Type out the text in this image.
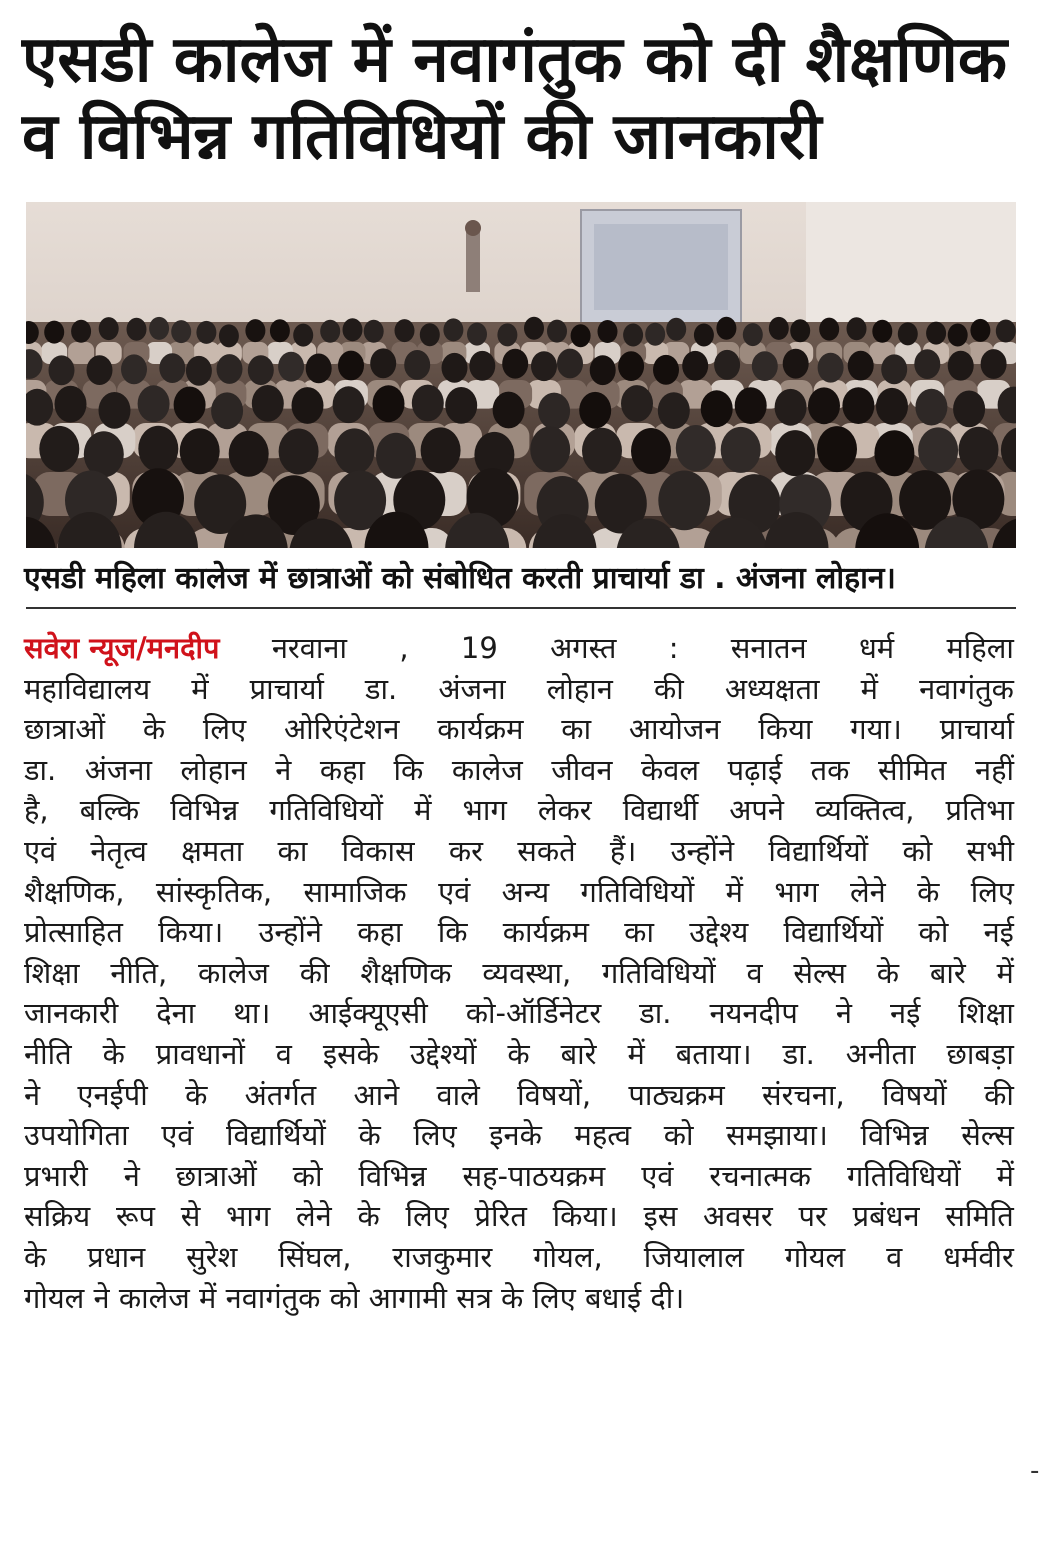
एसडी कालेज में नवागंतुक को दी शैक्षणिक
व विभिन्न गतिविधियों की जानकारी
एसडी महिला कालेज में छात्राओं को संबोधित करती प्राचार्या डा . अंजना लोहान।
सवेरा न्यूज/मनदीप नरवाना , 19 अगस्त : सनातन धर्म महिला
महाविद्यालय में प्राचार्या डा. अंजना लोहान की अध्यक्षता में नवागंतुक
छात्राओं के लिए ओरिएंटेशन कार्यक्रम का आयोजन किया गया। प्राचार्या
डा. अंजना लोहान ने कहा कि कालेज जीवन केवल पढ़ाई तक सीमित नहीं
है, बल्कि विभिन्न गतिविधियों में भाग लेकर विद्यार्थी अपने व्यक्तित्व, प्रतिभा
एवं नेतृत्व क्षमता का विकास कर सकते हैं। उन्होंने विद्यार्थियों को सभी
शैक्षणिक, सांस्कृतिक, सामाजिक एवं अन्य गतिविधियों में भाग लेने के लिए
प्रोत्साहित किया। उन्होंने कहा कि कार्यक्रम का उद्देश्य विद्यार्थियों को नई
शिक्षा नीति, कालेज की शैक्षणिक व्यवस्था, गतिविधियों व सेल्स के बारे में
जानकारी देना था। आईक्यूएसी को-ऑर्डिनेटर डा. नयनदीप ने नई शिक्षा
नीति के प्रावधानों व इसके उद्देश्यों के बारे में बताया। डा. अनीता छाबड़ा
ने एनईपी के अंतर्गत आने वाले विषयों, पाठ्यक्रम संरचना, विषयों की
उपयोगिता एवं विद्यार्थियों के लिए इनके महत्व को समझाया। विभिन्न सेल्स
प्रभारी ने छात्राओं को विभिन्न सह-पाठयक्रम एवं रचनात्मक गतिविधियों में
सक्रिय रूप से भाग लेने के लिए प्रेरित किया। इस अवसर पर प्रबंधन समिति
के प्रधान सुरेश सिंघल, राजकुमार गोयल, जियालाल गोयल व धर्मवीर
गोयल ने कालेज में नवागंतुक को आगामी सत्र के लिए बधाई दी।
-
